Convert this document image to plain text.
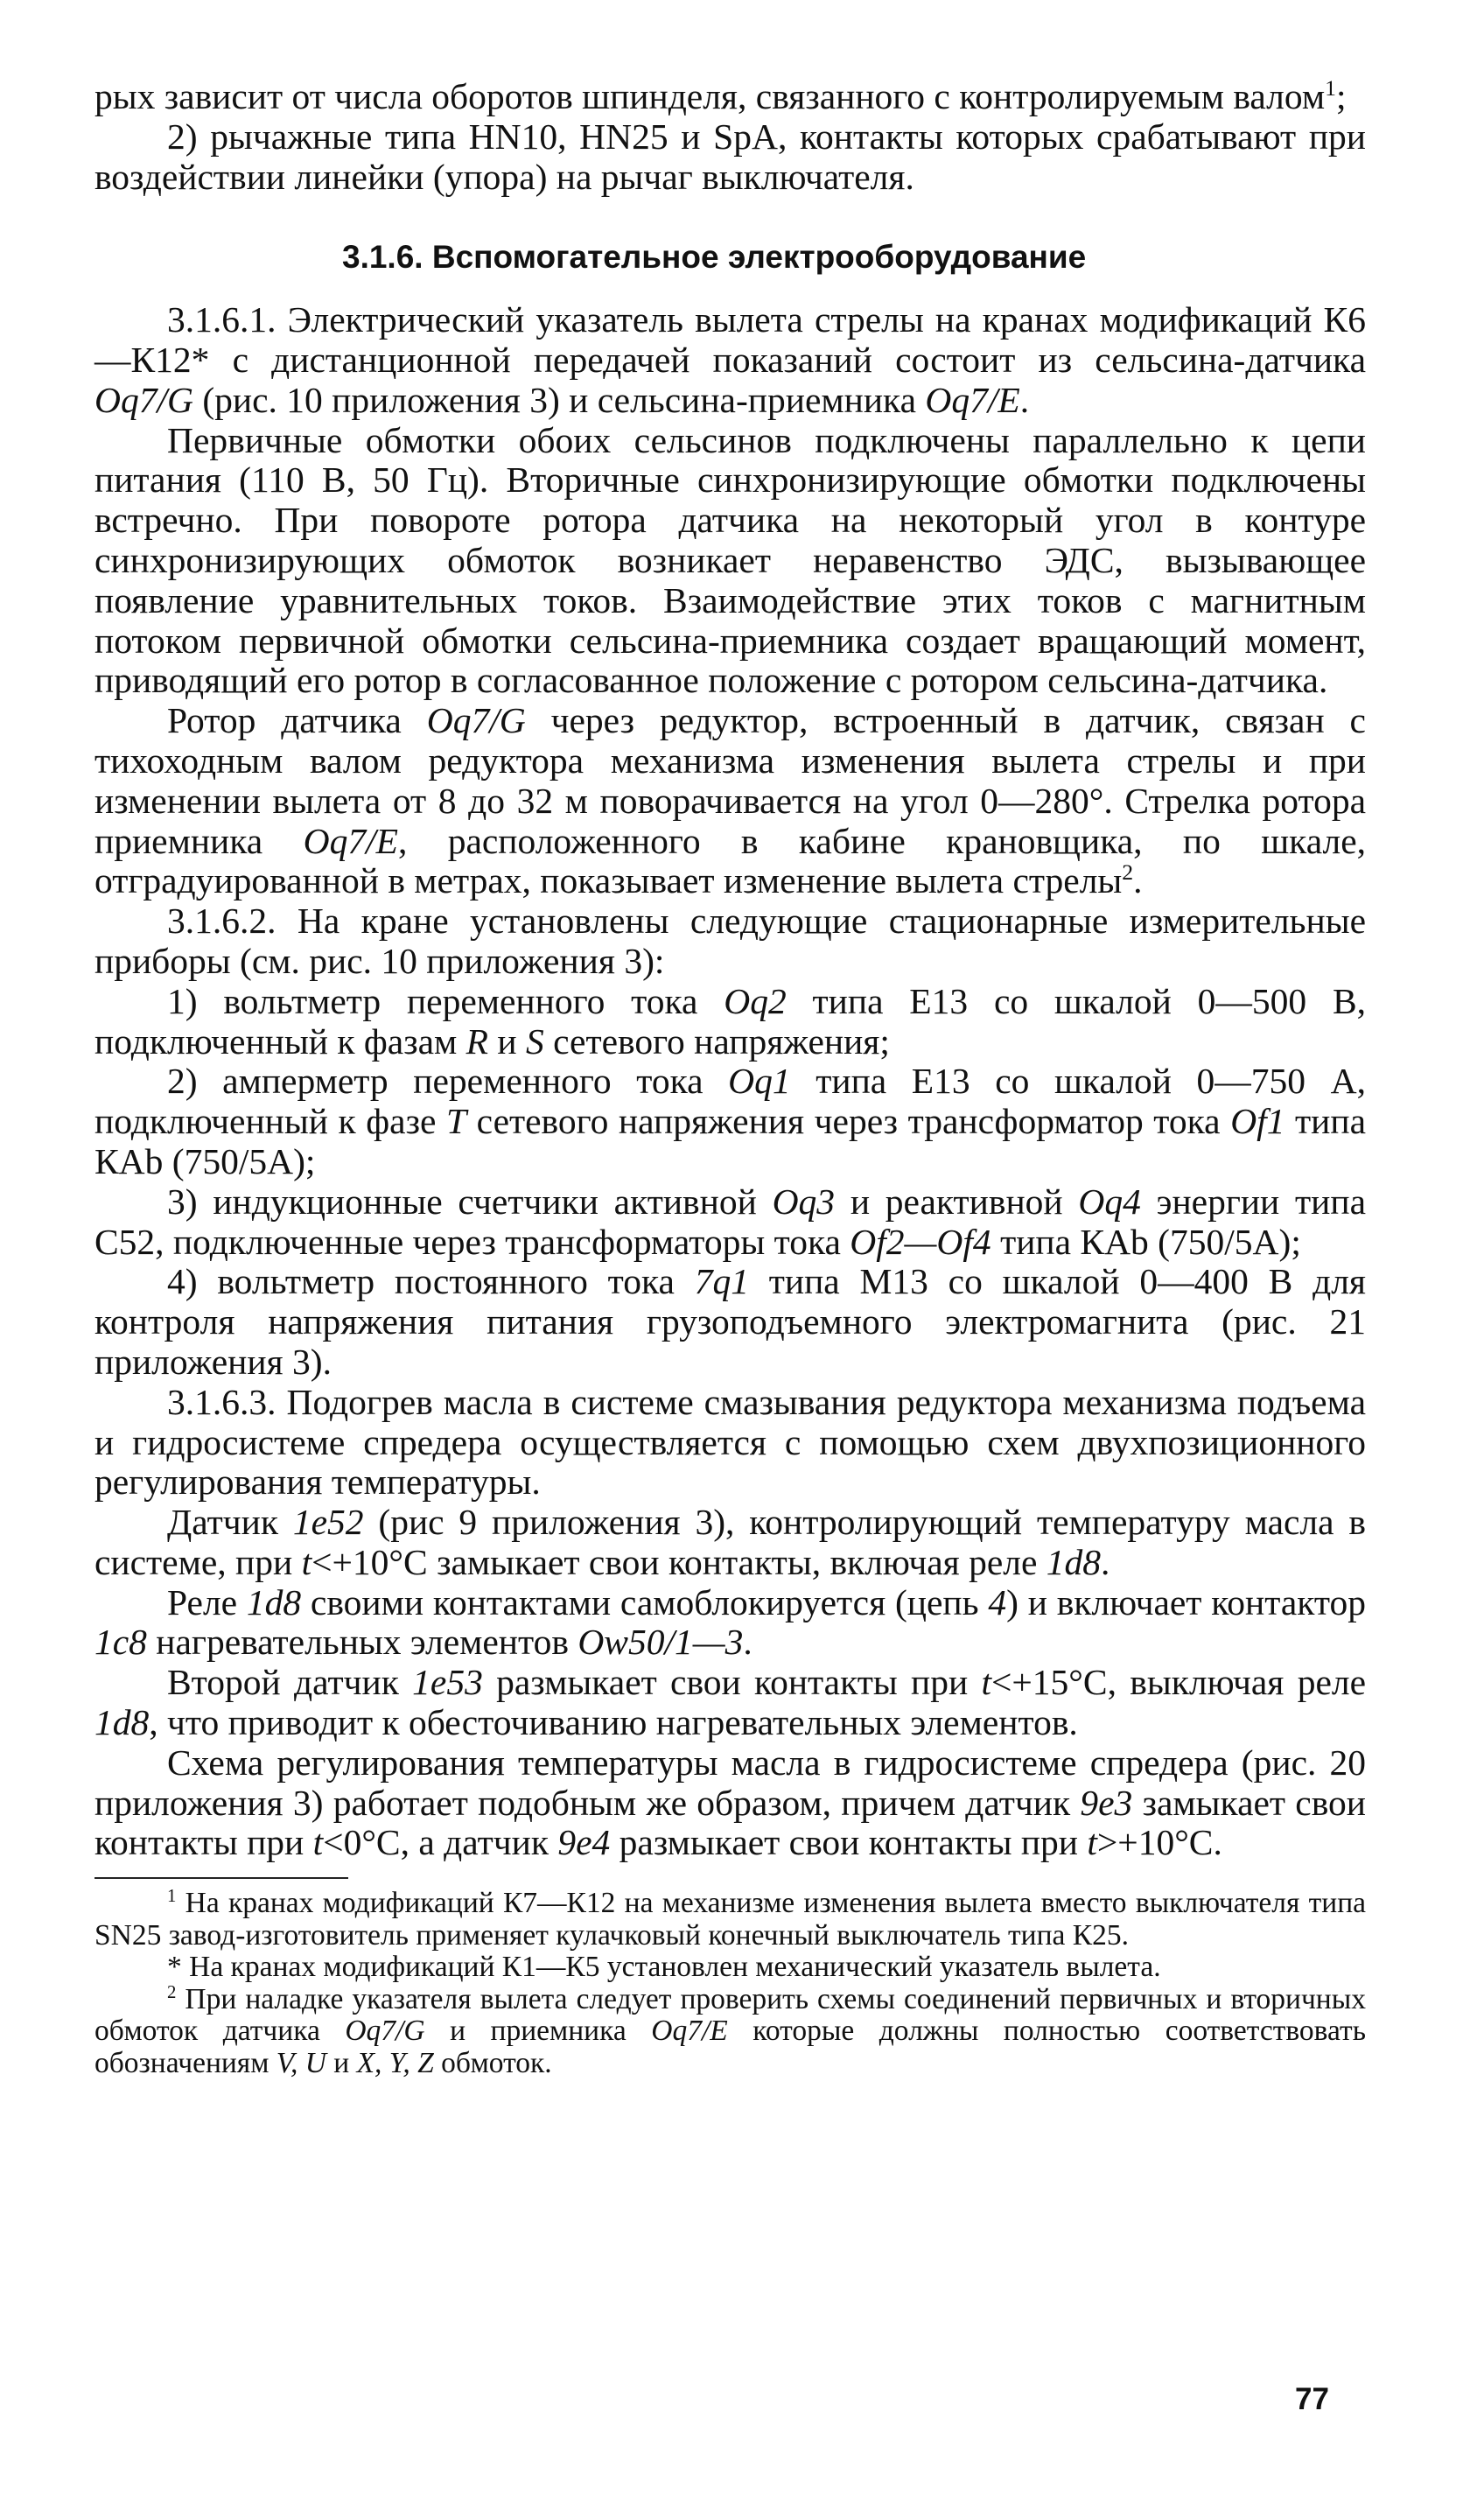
рых зависит от числа оборотов шпинделя, связанного с контролируемым валом$^1$;

2) рычажные типа HN10, HN25 и SpA, контакты которых срабатывают при воздействии линейки (упора) на рычаг выключателя.

3.1.6. Вспомогательное электрооборудование

3.1.6.1. Электрический указатель вылета стрелы на кранах модификаций К6—К12* с дистанционной передачей показаний состоит из сельсина-датчика Oq7/G (рис. 10 приложения 3) и сельсина-приемника Oq7/E.

Первичные обмотки обоих сельсинов подключены параллельно к цепи питания (110 В, 50 Гц). Вторичные синхронизирующие обмотки подключены встречно. При повороте ротора датчика на некоторый угол в контуре синхронизирующих обмоток возникает неравенство ЭДС, вызывающее появление уравнительных токов. Взаимодействие этих токов с магнитным потоком первичной обмотки сельсина-приемника создает вращающий момент, приводящий его ротор в согласованное положение с ротором сельсина-датчика.

Ротор датчика Oq7/G через редуктор, встроенный в датчик, связан с тихоходным валом редуктора механизма изменения вылета стрелы и при изменении вылета от 8 до 32 м поворачивается на угол 0—280°. Стрелка ротора приемника Oq7/E, расположенного в кабине крановщика, по шкале, отградуированной в метрах, показывает изменение вылета стрелы$^2$.

3.1.6.2. На кране установлены следующие стационарные измерительные приборы (см. рис. 10 приложения 3):

1) вольтметр переменного тока Oq2 типа Е13 со шкалой 0—500 В, подключенный к фазам R и S сетевого напряжения;

2) амперметр переменного тока Oq1 типа Е13 со шкалой 0—750 А, подключенный к фазе T сетевого напряжения через трансформатор тока Of1 типа КАb (750/5А);

3) индукционные счетчики активной Oq3 и реактивной Oq4 энергии типа С52, подключенные через трансформаторы тока Of2—Of4 типа КАb (750/5А);

4) вольтметр постоянного тока 7q1 типа М13 со шкалой 0—400 В для контроля напряжения питания грузоподъемного электромагнита (рис. 21 приложения 3).

3.1.6.3. Подогрев масла в системе смазывания редуктора механизма подъема и гидросистеме спредера осуществляется с помощью схем двухпозиционного регулирования температуры.

Датчик 1e52 (рис 9 приложения 3), контролирующий температуру масла в системе, при t<+10°С замыкает свои контакты, включая реле 1d8.

Реле 1d8 своими контактами самоблокируется (цепь 4) и включает контактор 1c8 нагревательных элементов Ow50/1—3.

Второй датчик 1e53 размыкает свои контакты при t<+15°С, выключая реле 1d8, что приводит к обесточиванию нагревательных элементов.

Схема регулирования температуры масла в гидросистеме спредера (рис. 20 приложения 3) работает подобным же образом, причем датчик 9e3 замыкает свои контакты при t<0°С, а датчик 9e4 размыкает свои контакты при t>+10°С.

$^1$ На кранах модификаций К7—К12 на механизме изменения вылета вместо выключателя типа SN25 завод-изготовитель применяет кулачковый конечный выключатель типа К25.

* На кранах модификаций К1—К5 установлен механический указатель вылета.

$^2$ При наладке указателя вылета следует проверить схемы соединений первичных и вторичных обмоток датчика Oq7/G и приемника Oq7/E которые должны полностью соответствовать обозначениям V, U и X, Y, Z обмоток.

77
